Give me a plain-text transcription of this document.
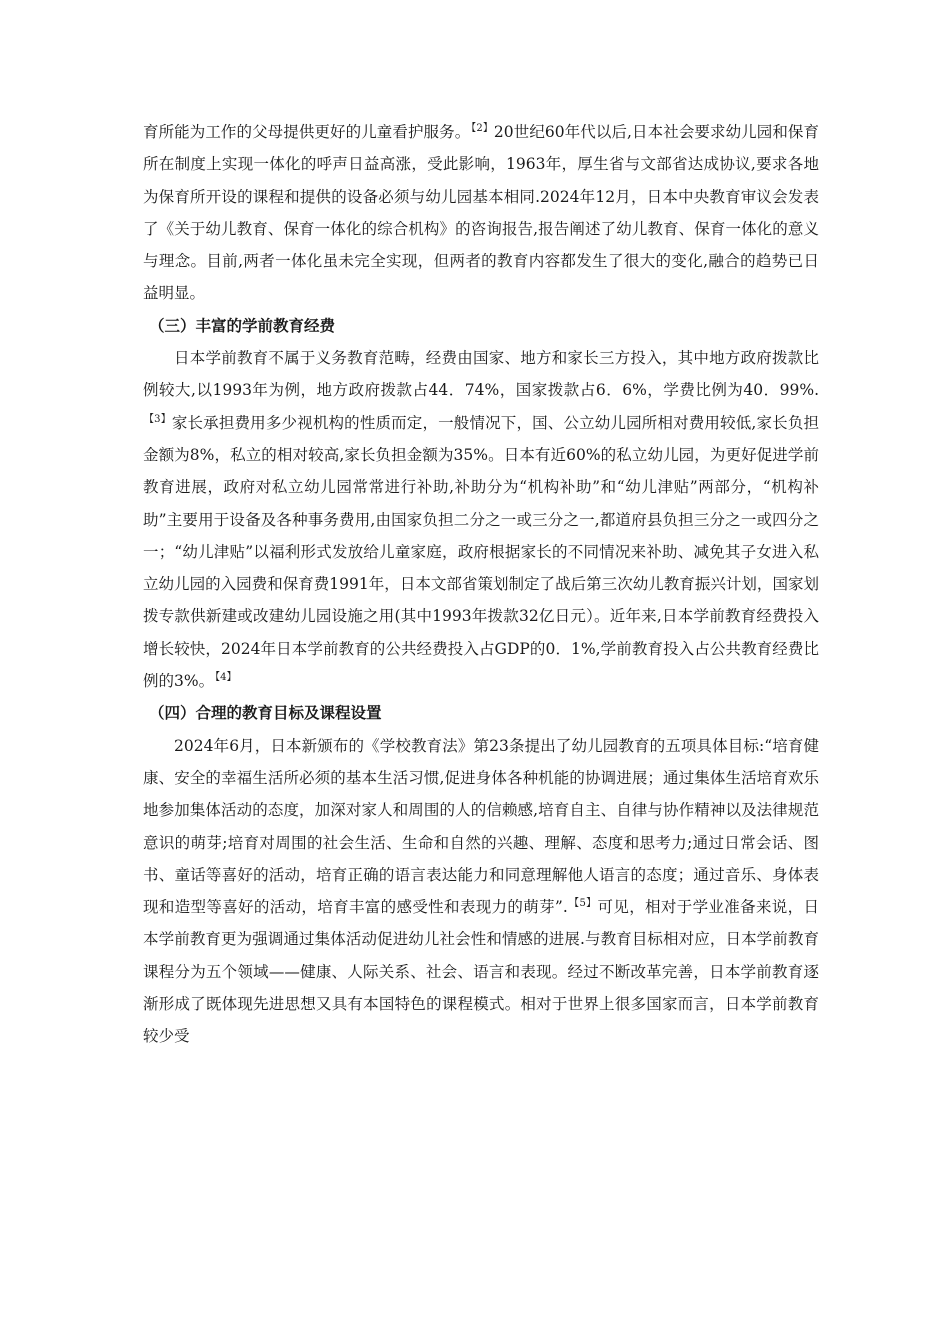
育所能为工作的父母提供更好的儿童看护服务。$^{【2】}$20世纪60年代以后,日本社会要求幼儿园和保育所在制度上实现一体化的呼声日益高涨，受此影响，1963年，厚生省与文部省达成协议,要求各地为保育所开设的课程和提供的设备必须与幼儿园基本相同.2024年12月，日本中央教育审议会发表了《关于幼儿教育、保育一体化的综合机构》的咨询报告,报告阐述了幼儿教育、保育一体化的意义与理念。目前,两者一体化虽未完全实现，但两者的教育内容都发生了很大的变化,融合的趋势已日益明显。

（三）丰富的学前教育经费

日本学前教育不属于义务教育范畴，经费由国家、地方和家长三方投入，其中地方政府拨款比例较大,以1993年为例，地方政府拨款占44．74%，国家拨款占6．6%，学费比例为40．99%.$^{【3】}$家长承担费用多少视机构的性质而定，一般情况下，国、公立幼儿园所相对费用较低,家长负担金额为8%，私立的相对较高,家长负担金额为35%。日本有近60%的私立幼儿园，为更好促进学前教育进展，政府对私立幼儿园常常进行补助,补助分为“机构补助”和“幼儿津贴”两部分，“机构补助”主要用于设备及各种事务费用,由国家负担二分之一或三分之一,都道府县负担三分之一或四分之一；“幼儿津贴”以福利形式发放给儿童家庭，政府根据家长的不同情况来补助、减免其子女进入私立幼儿园的入园费和保育费1991年，日本文部省策划制定了战后第三次幼儿教育振兴计划，国家划拨专款供新建或改建幼儿园设施之用(其中1993年拨款32亿日元）。近年来,日本学前教育经费投入增长较快，2024年日本学前教育的公共经费投入占GDP的0．1%,学前教育投入占公共教育经费比例的3%。$^{【4】}$

（四）合理的教育目标及课程设置

2024年6月，日本新颁布的《学校教育法》第23条提出了幼儿园教育的五项具体目标:“培育健康、安全的幸福生活所必须的基本生活习惯,促进身体各种机能的协调进展；通过集体生活培育欢乐地参加集体活动的态度，加深对家人和周围的人的信赖感,培育自主、自律与协作精神以及法律规范意识的萌芽;培育对周围的社会生活、生命和自然的兴趣、理解、态度和思考力;通过日常会话、图书、童话等喜好的活动，培育正确的语言表达能力和同意理解他人语言的态度；通过音乐、身体表现和造型等喜好的活动，培育丰富的感受性和表现力的萌芽”.$^{【5】}$可见，相对于学业准备来说，日本学前教育更为强调通过集体活动促进幼儿社会性和情感的进展.与教育目标相对应，日本学前教育课程分为五个领域——健康、人际关系、社会、语言和表现。经过不断改革完善，日本学前教育逐渐形成了既体现先进思想又具有本国特色的课程模式。相对于世界上很多国家而言，日本学前教育较少受
